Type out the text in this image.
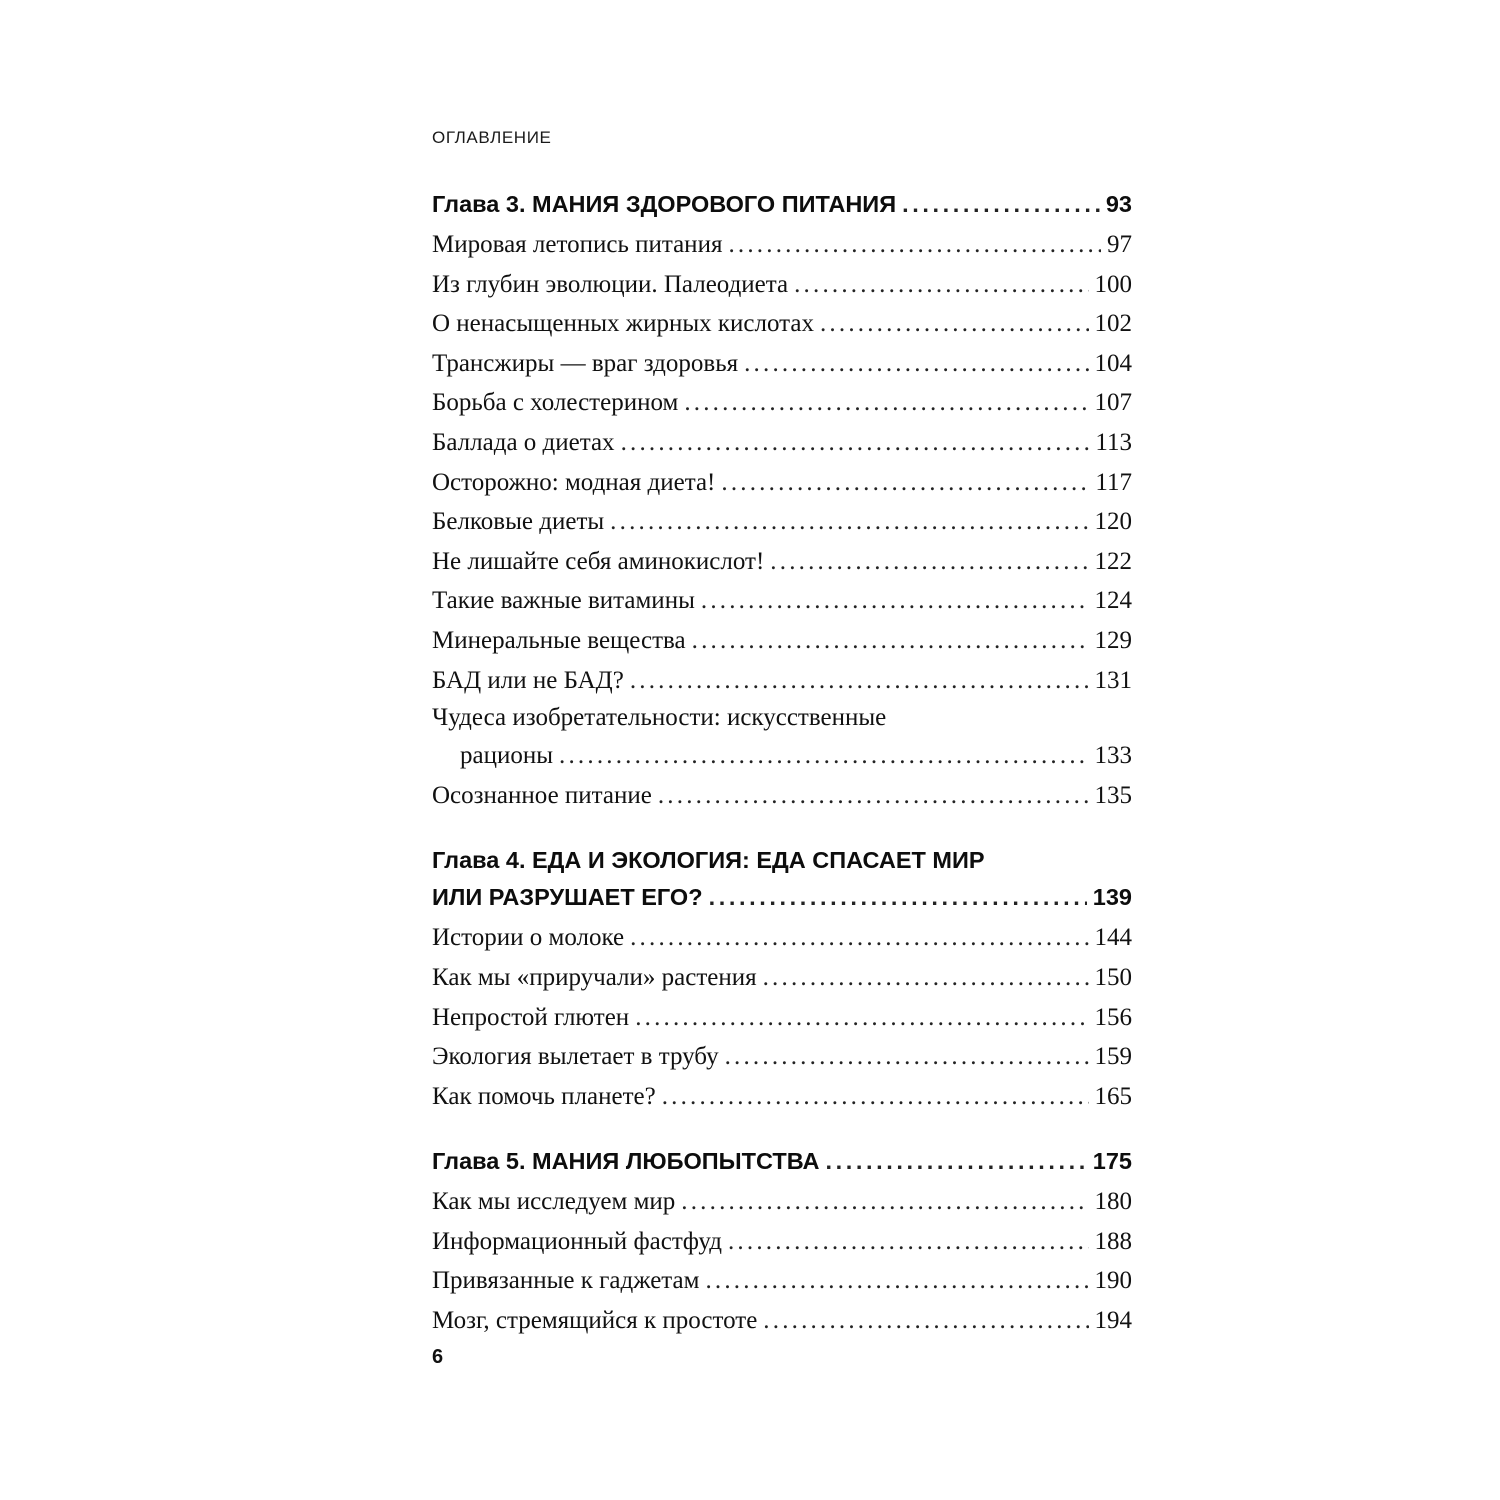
ОГЛАВЛЕНИЕ
Глава 3. МАНИЯ ЗДОРОВОГО ПИТАНИЯ .....	93
Мировая летопись питания .....	97
Из глубин эволюции. Палеодиета .....	100
О ненасыщенных жирных кислотах .....	102
Трансжиры — враг здоровья .....	104
Борьба с холестерином .....	107
Баллада о диетах .....	113
Осторожно: модная диета! .....	117
Белковые диеты .....	120
Не лишайте себя аминокислот! .....	122
Такие важные витамины .....	124
Минеральные вещества .....	129
БАД или не БАД? .....	131
Чудеса изобретательности: искусственные
рационы .....	133
Осознанное питание .....	135
Глава 4. ЕДА И ЭКОЛОГИЯ: ЕДА СПАСАЕТ МИР
ИЛИ РАЗРУШАЕТ ЕГО? .....	139
Истории о молоке .....	144
Как мы «приручали» растения .....	150
Непростой глютен .....	156
Экология вылетает в трубу .....	159
Как помочь планете? .....	165
Глава 5. МАНИЯ ЛЮБОПЫТСТВА .....	175
Как мы исследуем мир .....	180
Информационный фастфуд .....	188
Привязанные к гаджетам .....	190
Мозг, стремящийся к простоте .....	194
6
